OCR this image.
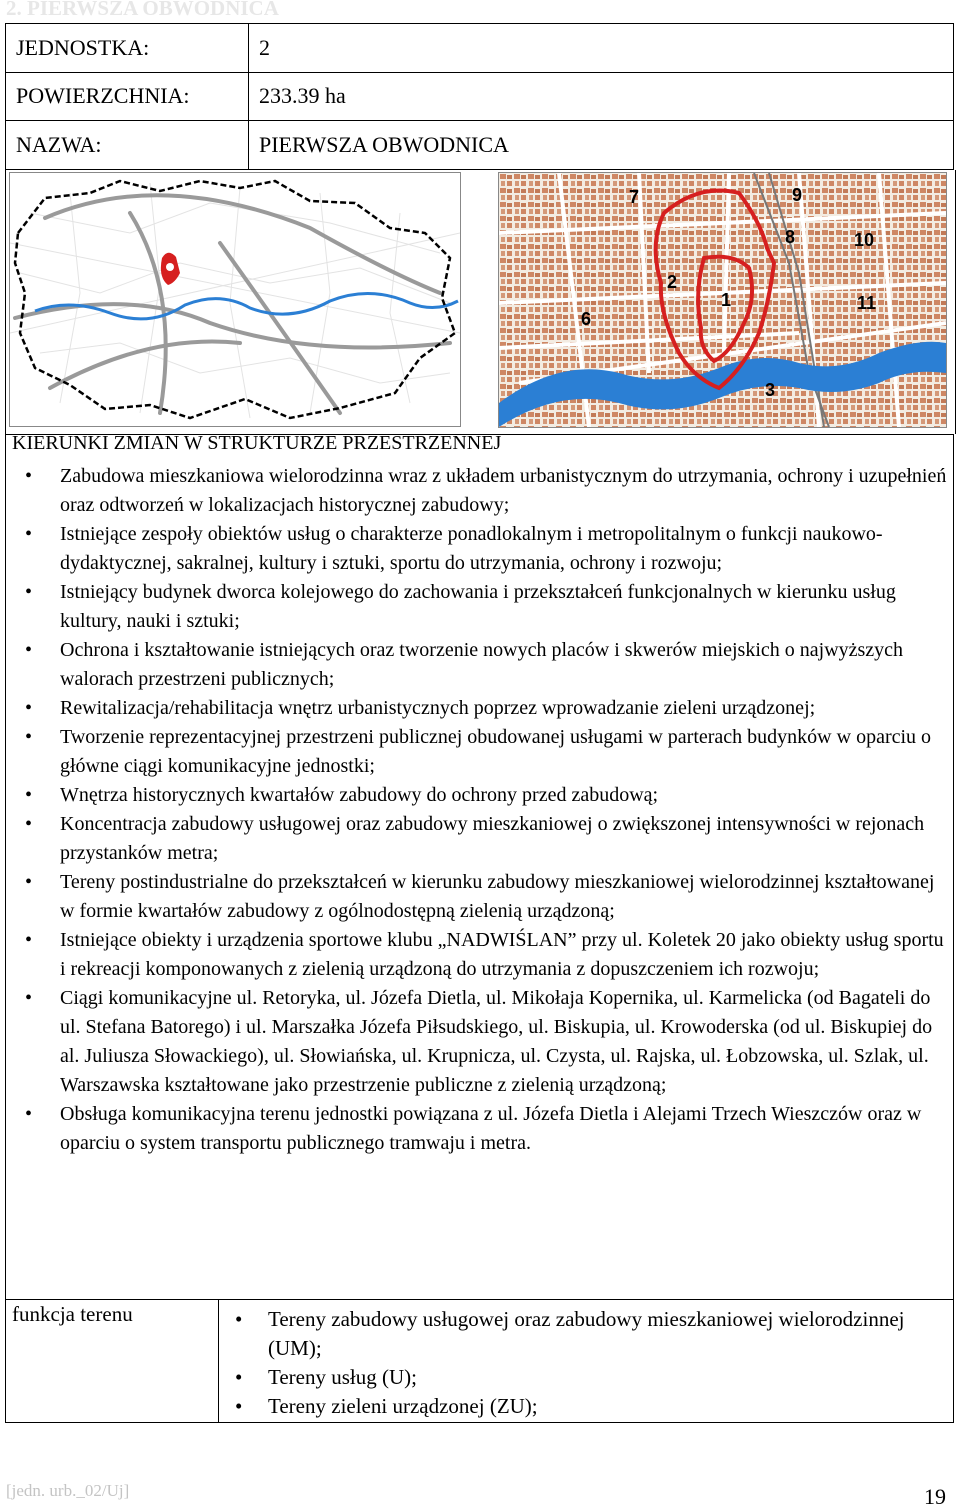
2. PIERWSZA OBWODNICA
JEDNOSTKA:	2
POWIERZCHNIA:	233.39 ha
NAZWA:	PIERWSZA OBWODNICA
7	9
8	10
2
1
6
11
3
KIERUNKI ZMIAN W STRUKTURZE PRZESTRZENNEJ
• Zabudowa mieszkaniowa wielorodzinna wraz z układem urbanistycznym do utrzymania, ochrony i uzupełnień oraz odtworzeń w lokalizacjach historycznej zabudowy;
• Istniejące zespoły obiektów usług o charakterze ponadlokalnym i metropolitalnym o funkcji naukowo-dydaktycznej, sakralnej, kultury i sztuki, sportu do utrzymania, ochrony i rozwoju;
• Istniejący budynek dworca kolejowego do zachowania i przekształceń funkcjonalnych w kierunku usług kultury, nauki i sztuki;
• Ochrona i kształtowanie istniejących oraz tworzenie nowych placów i skwerów miejskich o najwyższych walorach przestrzeni publicznych;
• Rewitalizacja/rehabilitacja wnętrz urbanistycznych poprzez wprowadzanie zieleni urządzonej;
• Tworzenie reprezentacyjnej przestrzeni publicznej obudowanej usługami w parterach budynków w oparciu o główne ciągi komunikacyjne jednostki;
• Wnętrza historycznych kwartałów zabudowy do ochrony przed zabudową;
• Koncentracja zabudowy usługowej oraz zabudowy mieszkaniowej o zwiększonej intensywności w rejonach przystanków metra;
• Tereny postindustrialne do przekształceń w kierunku zabudowy mieszkaniowej wielorodzinnej kształtowanej w formie kwartałów zabudowy z ogólnodostępną zielenią urządzoną;
• Istniejące obiekty i urządzenia sportowe klubu „NADWIŚLAN” przy ul. Koletek 20 jako obiekty usług sportu i rekreacji komponowanych z zielenią urządzoną do utrzymania z dopuszczeniem ich rozwoju;
• Ciągi komunikacyjne ul. Retoryka, ul. Józefa Dietla, ul. Mikołaja Kopernika, ul. Karmelicka (od Bagateli do ul. Stefana Batorego) i ul. Marszałka Józefa Piłsudskiego, ul. Biskupia, ul. Krowoderska (od ul. Biskupiej do al. Juliusza Słowackiego), ul. Słowiańska, ul. Krupnicza, ul. Czysta, ul. Rajska, ul. Łobzowska, ul. Szlak, ul. Warszawska kształtowane jako przestrzenie publiczne z zielenią urządzoną;
• Obsługa komunikacyjna terenu jednostki powiązana z ul. Józefa Dietla i Alejami Trzech Wieszczów oraz w oparciu o system transportu publicznego tramwaju i metra.
funkcja terenu	• Tereny zabudowy usługowej oraz zabudowy mieszkaniowej wielorodzinnej (UM);
• Tereny usług (U);
• Tereny zieleni urządzonej (ZU);
[jedn. urb._02/Uj]	19
